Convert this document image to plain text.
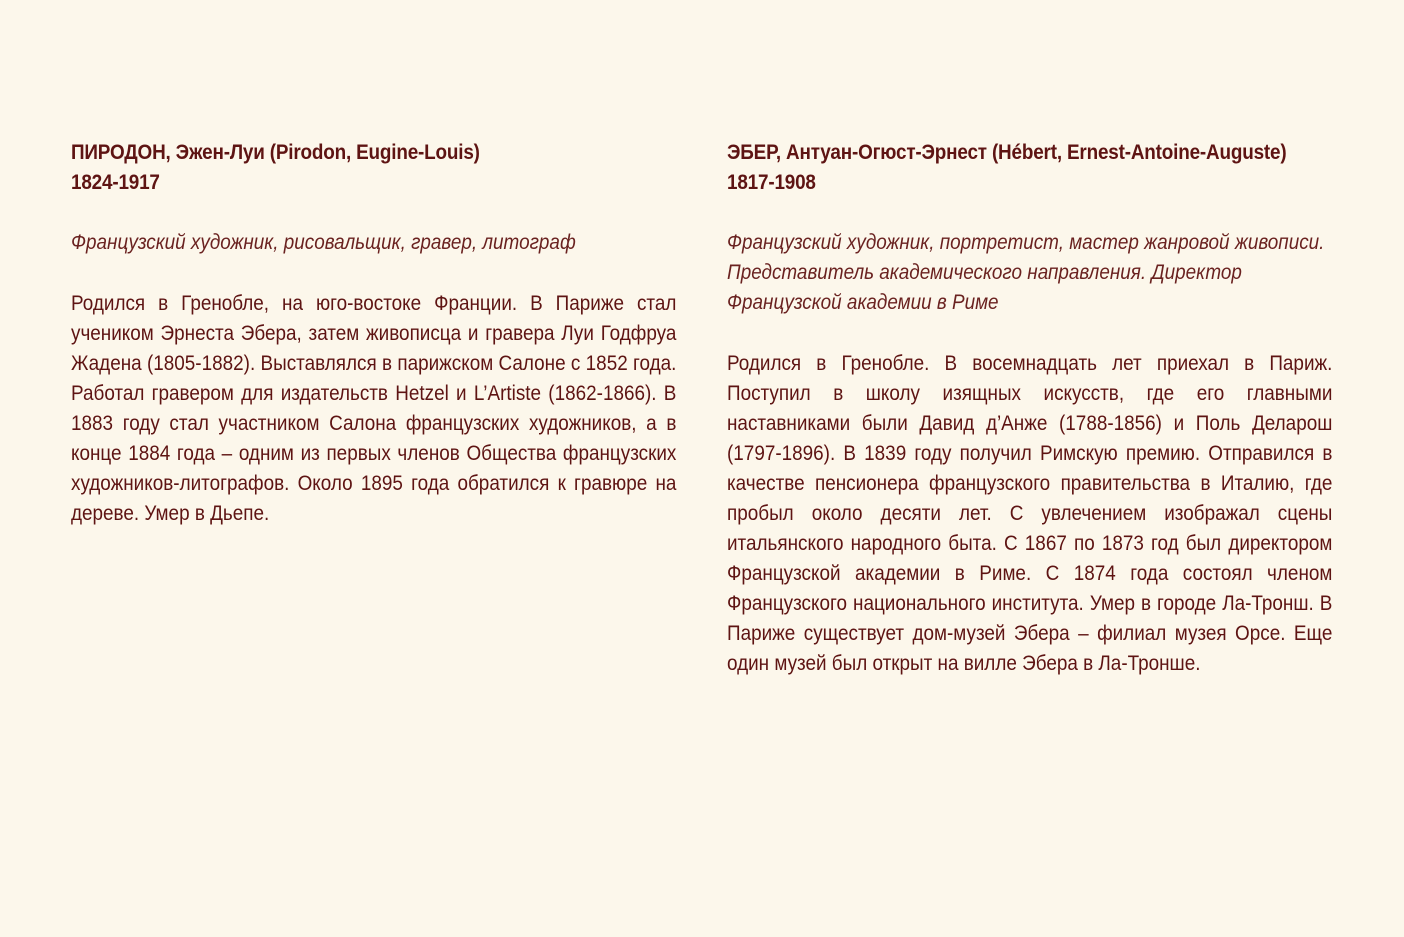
ПИРОДОН, Эжен-Луи (Pirodon, Eugine-Louis)
1824-1917
Французский художник, рисовальщик, гравер, литограф
Родился в Гренобле, на юго-востоке Франции. В Париже стал учеником Эрнеста Эбера, затем живописца и гравера Луи Годфруа Жадена (1805-1882). Выставлялся в парижском Салоне с 1852 года. Работал гравером для издательств Hetzel и L’Artiste (1862-1866). В 1883 году стал участником Салона французских художников, а в конце 1884 года – одним из первых членов Общества французских художников-литографов. Около 1895 года обратился к гравюре на дереве. Умер в Дьепе.
ЭБЕР, Антуан-Огюст-Эрнест (Hébert, Ernest-Antoine-Auguste)
1817-1908
Французский художник, портретист, мастер жанровой живописи. Представитель академического направления. Директор Французской академии в Риме
Родился в Гренобле. В восемнадцать лет приехал в Париж. Поступил в школу изящных искусств, где его главными наставниками были Давид д’Анже (1788-1856) и Поль Деларош (1797-1896). В 1839 году получил Римскую премию. Отправился в качестве пенсионера французского правительства в Италию, где пробыл около десяти лет. С увлечением изображал сцены итальянского народного быта. С 1867 по 1873 год был директором Французской академии в Риме. С 1874 года состоял членом Французского национального института. Умер в городе Ла-Тронш. В Париже существует дом-музей Эбера – филиал музея Орсе. Еще один музей был открыт на вилле Эбера в Ла-Тронше.
